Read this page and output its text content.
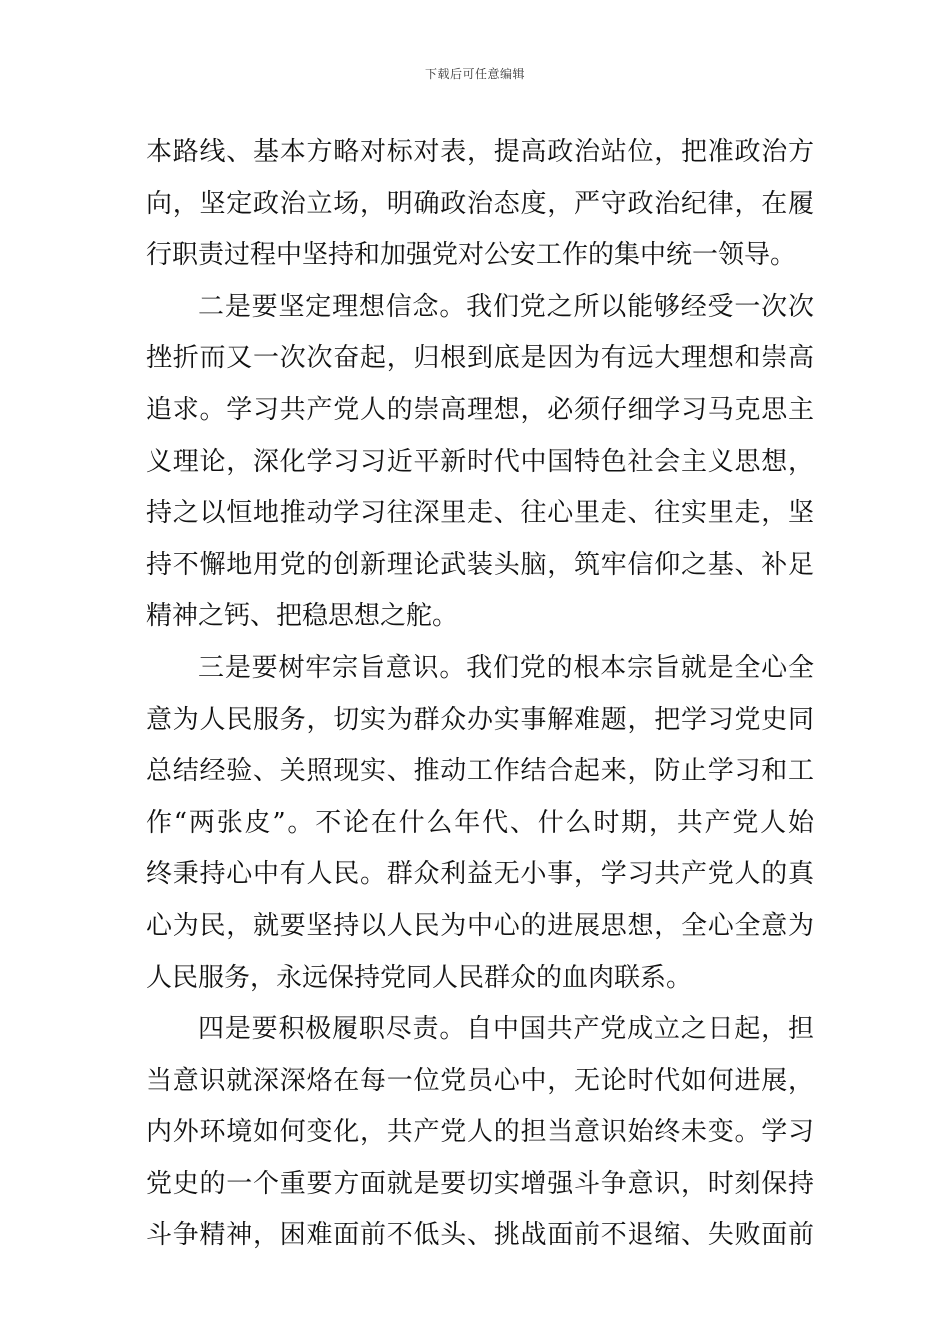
下载后可任意编辑
本路线、基本方略对标对表，提高政治站位，把准政治方
向，坚定政治立场，明确政治态度，严守政治纪律，在履
行职责过程中坚持和加强党对公安工作的集中统一领导。
二是要坚定理想信念。我们党之所以能够经受一次次
挫折而又一次次奋起，归根到底是因为有远大理想和崇高
追求。学习共产党人的崇高理想，必须仔细学习马克思主
义理论，深化学习习近平新时代中国特色社会主义思想，
持之以恒地推动学习往深里走、往心里走、往实里走，坚
持不懈地用党的创新理论武装头脑，筑牢信仰之基、补足
精神之钙、把稳思想之舵。
三是要树牢宗旨意识。我们党的根本宗旨就是全心全
意为人民服务，切实为群众办实事解难题，把学习党史同
总结经验、关照现实、推动工作结合起来，防止学习和工
作“两张皮”。不论在什么年代、什么时期，共产党人始
终秉持心中有人民。群众利益无小事，学习共产党人的真
心为民，就要坚持以人民为中心的进展思想，全心全意为
人民服务，永远保持党同人民群众的血肉联系。
四是要积极履职尽责。自中国共产党成立之日起，担
当意识就深深烙在每一位党员心中，无论时代如何进展，
内外环境如何变化，共产党人的担当意识始终未变。学习
党史的一个重要方面就是要切实增强斗争意识，时刻保持
斗争精神，困难面前不低头、挑战面前不退缩、失败面前
